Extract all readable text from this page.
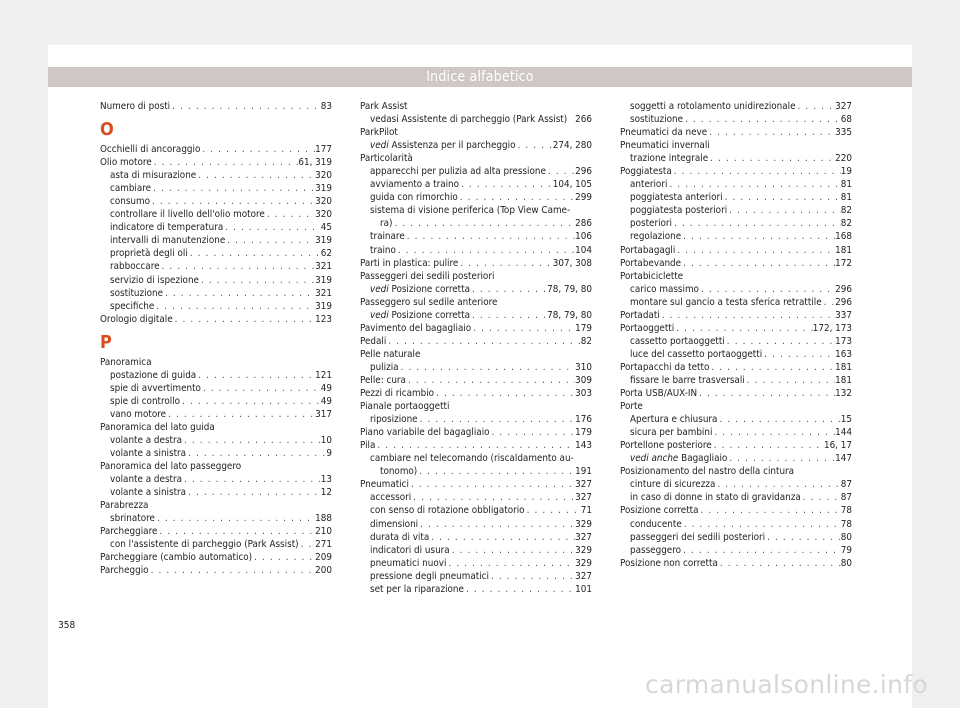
Indice alfabetico
Numero di posti . . .	83
O
Occhielli di ancoraggio . . .	177
Olio motore . . .	61, 319
asta di misurazione . . .	320
cambiare . . .	319
consumo . . .	320
controllare il livello dell'olio motore . . .	320
indicatore di temperatura . . .	45
intervalli di manutenzione . . .	319
proprietà degli oli . . .	62
rabboccare . . .	321
servizio di ispezione . . .	319
sostituzione . . .	321
specifiche . . .	319
Orologio digitale . . .	123
P
Panoramica
postazione di guida . . .	121
spie di avvertimento . . .	49
spie di controllo . . .	49
vano motore . . .	317
Panoramica del lato guida
volante a destra . . .	10
volante a sinistra . . .	9
Panoramica del lato passeggero
volante a destra . . .	13
volante a sinistra . . .	12
Parabrezza
sbrinatore . . .	188
Parcheggiare . . .	210
con l'assistente di parcheggio (Park Assist) . . . 271
Parcheggiare (cambio automatico) . . .	209
Parcheggio . . .	200
Park Assist
vedasi Assistente di parcheggio (Park Assist) 266
ParkPilot
vedi Assistenza per il parcheggio . . .	274, 280
Particolarità
apparecchi per pulizia ad alta pressione . . .	296
avviamento a traino . . .	104, 105
guida con rimorchio . . .	299
sistema di visione periferica (Top View Came-
ra) . . .	286
trainare . . .	106
traino . . .	104
Parti in plastica: pulire . . .	307, 308
Passeggeri dei sedili posteriori
vedi Posizione corretta . . .	78, 79, 80
Passeggero sul sedile anteriore
vedi Posizione corretta . . .	78, 79, 80
Pavimento del bagagliaio . . .	179
Pedali . . .	82
Pelle naturale
pulizia . . .	310
Pelle: cura . . .	309
Pezzi di ricambio . . .	303
Pianale portaoggetti
riposizione . . .	176
Piano variabile del bagagliaio . . .	179
Pila . . .	143
cambiare nel telecomando (riscaldamento au-
tonomo) . . .	191
Pneumatici . . .	327
accessori . . .	327
con senso di rotazione obbligatorio . . .	71
dimensioni . . .	329
durata di vita . . .	327
indicatori di usura . . .	329
pneumatici nuovi . . .	329
pressione degli pneumatici . . .	327
set per la riparazione . . .	101
soggetti a rotolamento unidirezionale . . .	327
sostituzione . . .	68
Pneumatici da neve . . .	335
Pneumatici invernali
trazione integrale . . .	220
Poggiatesta . . .	19
anteriori . . .	81
poggiatesta anteriori . . .	81
poggiatesta posteriori . . .	82
posteriori . . .	82
regolazione . . .	168
Portabagagli . . .	181
Portabevande . . .	172
Portabiciclette
carico massimo . . .	296
montare sul gancio a testa sferica retrattile . . . 296
Portadati . . .	337
Portaoggetti . . .	172, 173
cassetto portaoggetti . . .	173
luce del cassetto portaoggetti . . .	163
Portapacchi da tetto . . .	181
fissare le barre trasversali . . .	181
Porta USB/AUX-IN . . .	132
Porte
Apertura e chiusura . . .	15
sicura per bambini . . .	144
Portellone posteriore . . .	16, 17
vedi anche Bagagliaio . . .	147
Posizionamento del nastro della cintura
cinture di sicurezza . . .	87
in caso di donne in stato di gravidanza . . .	87
Posizione corretta . . .	78
conducente . . .	78
passeggeri dei sedili posteriori . . .	80
passeggero . . .	79
Posizione non corretta . . .	80
358
carmanualsonline.info
